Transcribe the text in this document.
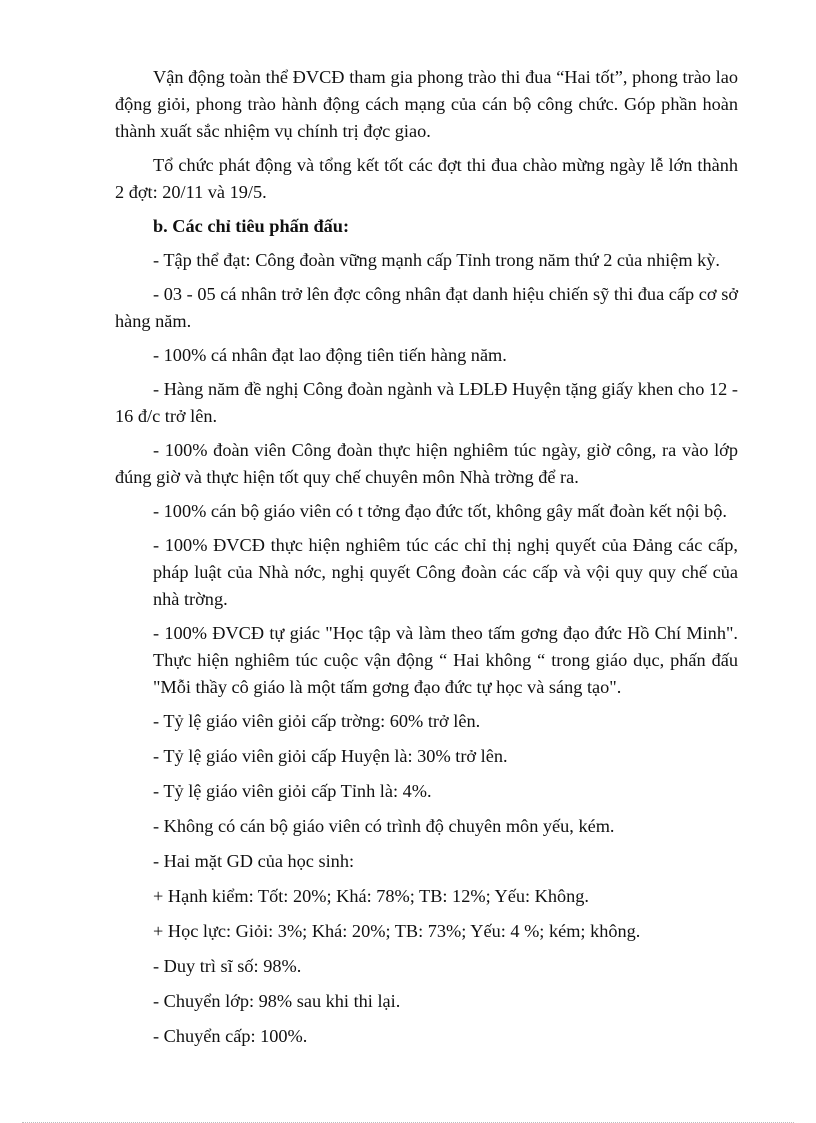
Vận động toàn thể ĐVCĐ tham gia phong trào thi đua “Hai tốt”, phong trào lao động giỏi, phong trào hành động cách mạng của cán bộ công chức. Góp phần hoàn thành xuất sắc nhiệm vụ chính trị đợc giao.

Tổ chức phát động và tổng kết tốt các đợt thi đua chào mừng ngày lễ lớn thành 2 đợt: 20/11 và 19/5.

b. Các chỉ tiêu phấn đấu:

- Tập thể đạt: Công đoàn vững mạnh cấp Tỉnh trong năm thứ 2 của nhiệm kỳ.

- 03 - 05 cá nhân trở lên đợc công nhân đạt danh hiệu chiến sỹ thi đua cấp cơ sở hàng năm.

- 100% cá nhân đạt lao động tiên tiến hàng năm.

- Hàng năm đề nghị Công đoàn ngành và LĐLĐ Huyện tặng giấy khen cho 12 - 16 đ/c trở lên.

- 100% đoàn viên Công đoàn thực hiện nghiêm túc ngày, giờ công, ra vào lớp đúng giờ và thực hiện tốt quy chế chuyên môn Nhà trờng để ra.

- 100% cán bộ giáo viên có t tởng đạo đức tốt, không gây mất đoàn kết nội bộ.

- 100% ĐVCĐ thực hiện nghiêm túc các chỉ thị nghị quyết của Đảng các cấp, pháp luật của Nhà nớc, nghị quyết Công đoàn các cấp và vội quy quy chế của nhà trờng.

- 100% ĐVCĐ tự giác "Học tập và làm theo tấm gơng đạo đức Hồ Chí Minh". Thực hiện nghiêm túc cuộc vận động “ Hai không “ trong giáo dục, phấn đấu "Mỗi thầy cô giáo là một tấm gơng đạo đức tự học và sáng tạo".

- Tỷ lệ giáo viên giỏi cấp trờng: 60% trở lên.

- Tỷ lệ giáo viên giỏi cấp Huyện là: 30% trở lên.

- Tỷ lệ giáo viên giỏi cấp Tỉnh là: 4%.

- Không có cán bộ giáo viên có trình độ chuyên môn yếu, kém.

- Hai mặt GD của học sinh:

+ Hạnh kiểm: Tốt: 20%; Khá: 78%; TB: 12%; Yếu: Không.

+ Học lực: Giỏi: 3%; Khá: 20%; TB: 73%; Yếu: 4 %; kém; không.

- Duy trì sĩ số: 98%.

- Chuyển lớp: 98% sau khi thi lại.

- Chuyển cấp: 100%.
